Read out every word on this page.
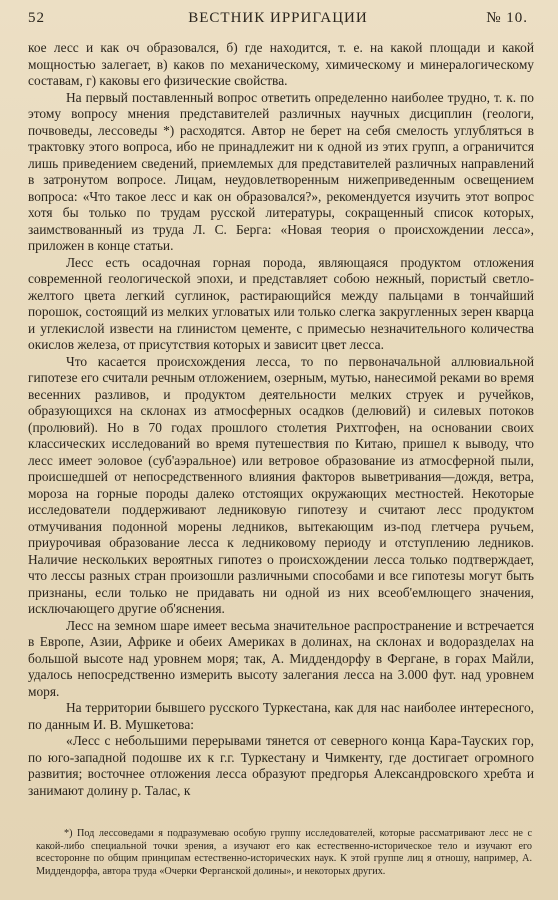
52	ВЕСТНИК ИРРИГАЦИИ	№ 10.

кое лесс и как оч образовался, б) где находится, т. е. на какой площади и какой мощностью залегает, в) каков по механическому, химическому и минералогическому составам, г) каковы его физические свойства.

На первый поставленный вопрос ответить определенно наиболее трудно, т. к. по этому вопросу мнения представителей различных научных дисциплин (геологи, почвоведы, лессоведы *) расходятся. Автор не берет на себя смелость углубляться в трактовку этого вопроса, ибо не принадлежит ни к одной из этих групп, а ограничится лишь приведением сведений, приемлемых для представителей различных направлений в затронутом вопросе. Лицам, неудовлетворенным нижеприведенным освещением вопроса: «Что такое лесс и как он образовался?», рекомендуется изучить этот вопрос хотя бы только по трудам русской литературы, сокращенный список которых, заимствованный из труда Л. С. Берга: «Новая теория о происхождении лесса», приложен в конце статьи.

Лесс есть осадочная горная порода, являющаяся продуктом отложения современной геологической эпохи, и представляет собою нежный, пористый светло-желтого цвета легкий суглинок, растирающийся между пальцами в тончайший порошок, состоящий из мелких угловатых или только слегка закругленных зерен кварца и углекислой извести на глинистом цементе, с примесью незначительного количества окислов железа, от присутствия которых и зависит цвет лесса.

Что касается происхождения лесса, то по первоначальной аллювиальной гипотезе его считали речным отложением, озерным, мутью, нанесимой реками во время весенних разливов, и продуктом деятельности мелких струек и ручейков, образующихся на склонах из атмосферных осадков (делювий) и силевых потоков (пролювий). Но в 70 годах прошлого столетия Рихтгофен, на основании своих классических исследований во время путешествия по Китаю, пришел к выводу, что лесс имеет эоловое (суб'аэральное) или ветровое образование из атмосферной пыли, происшедшей от непосредственного влияния факторов выветривания—дождя, ветра, мороза на горные породы далеко отстоящих окружающих местностей. Некоторые исследователи поддерживают ледниковую гипотезу и считают лесс продуктом отмучивания подонной морены ледников, вытекающим из-под глетчера ручьем, приурочивая образование лесса к ледниковому периоду и отступлению ледников. Наличие нескольких вероятных гипотез о происхождении лесса только подтверждает, что лессы разных стран произошли различными способами и все гипотезы могут быть признаны, если только не придавать ни одной из них всеоб'емлющего значения, исключающего другие об'яснения.

Лесс на земном шаре имеет весьма значительное распространение и встречается в Европе, Азии, Африке и обеих Америках в долинах, на склонах и водоразделах на большой высоте над уровнем моря; так, А. Миддендорфу в Фергане, в горах Майли, удалось непосредственно измерить высоту залегания лесса на 3.000 фут. над уровнем моря.

На территории бывшего русского Туркестана, как для нас наиболее интересного, по данным И. В. Мушкетова:

«Лесс с небольшими перерывами тянется от северного конца Кара-Тауских гор, по юго-западной подошве их к г.г. Туркестану и Чимкенту, где достигает огромного развития; восточнее отложения лесса образуют предгорья Александровского хребта и занимают долину р. Талас, к

*) Под лессоведами я подразумеваю особую группу исследователей, которые рассматривают лесс не с какой-либо специальной точки зрения, а изучают его как естественно-историческое тело и изучают его всесторонне по общим принципам естественно-исторических наук. К этой группе лиц я отношу, например, А. Миддендорфа, автора труда «Очерки Ферганской долины», и некоторых других.
